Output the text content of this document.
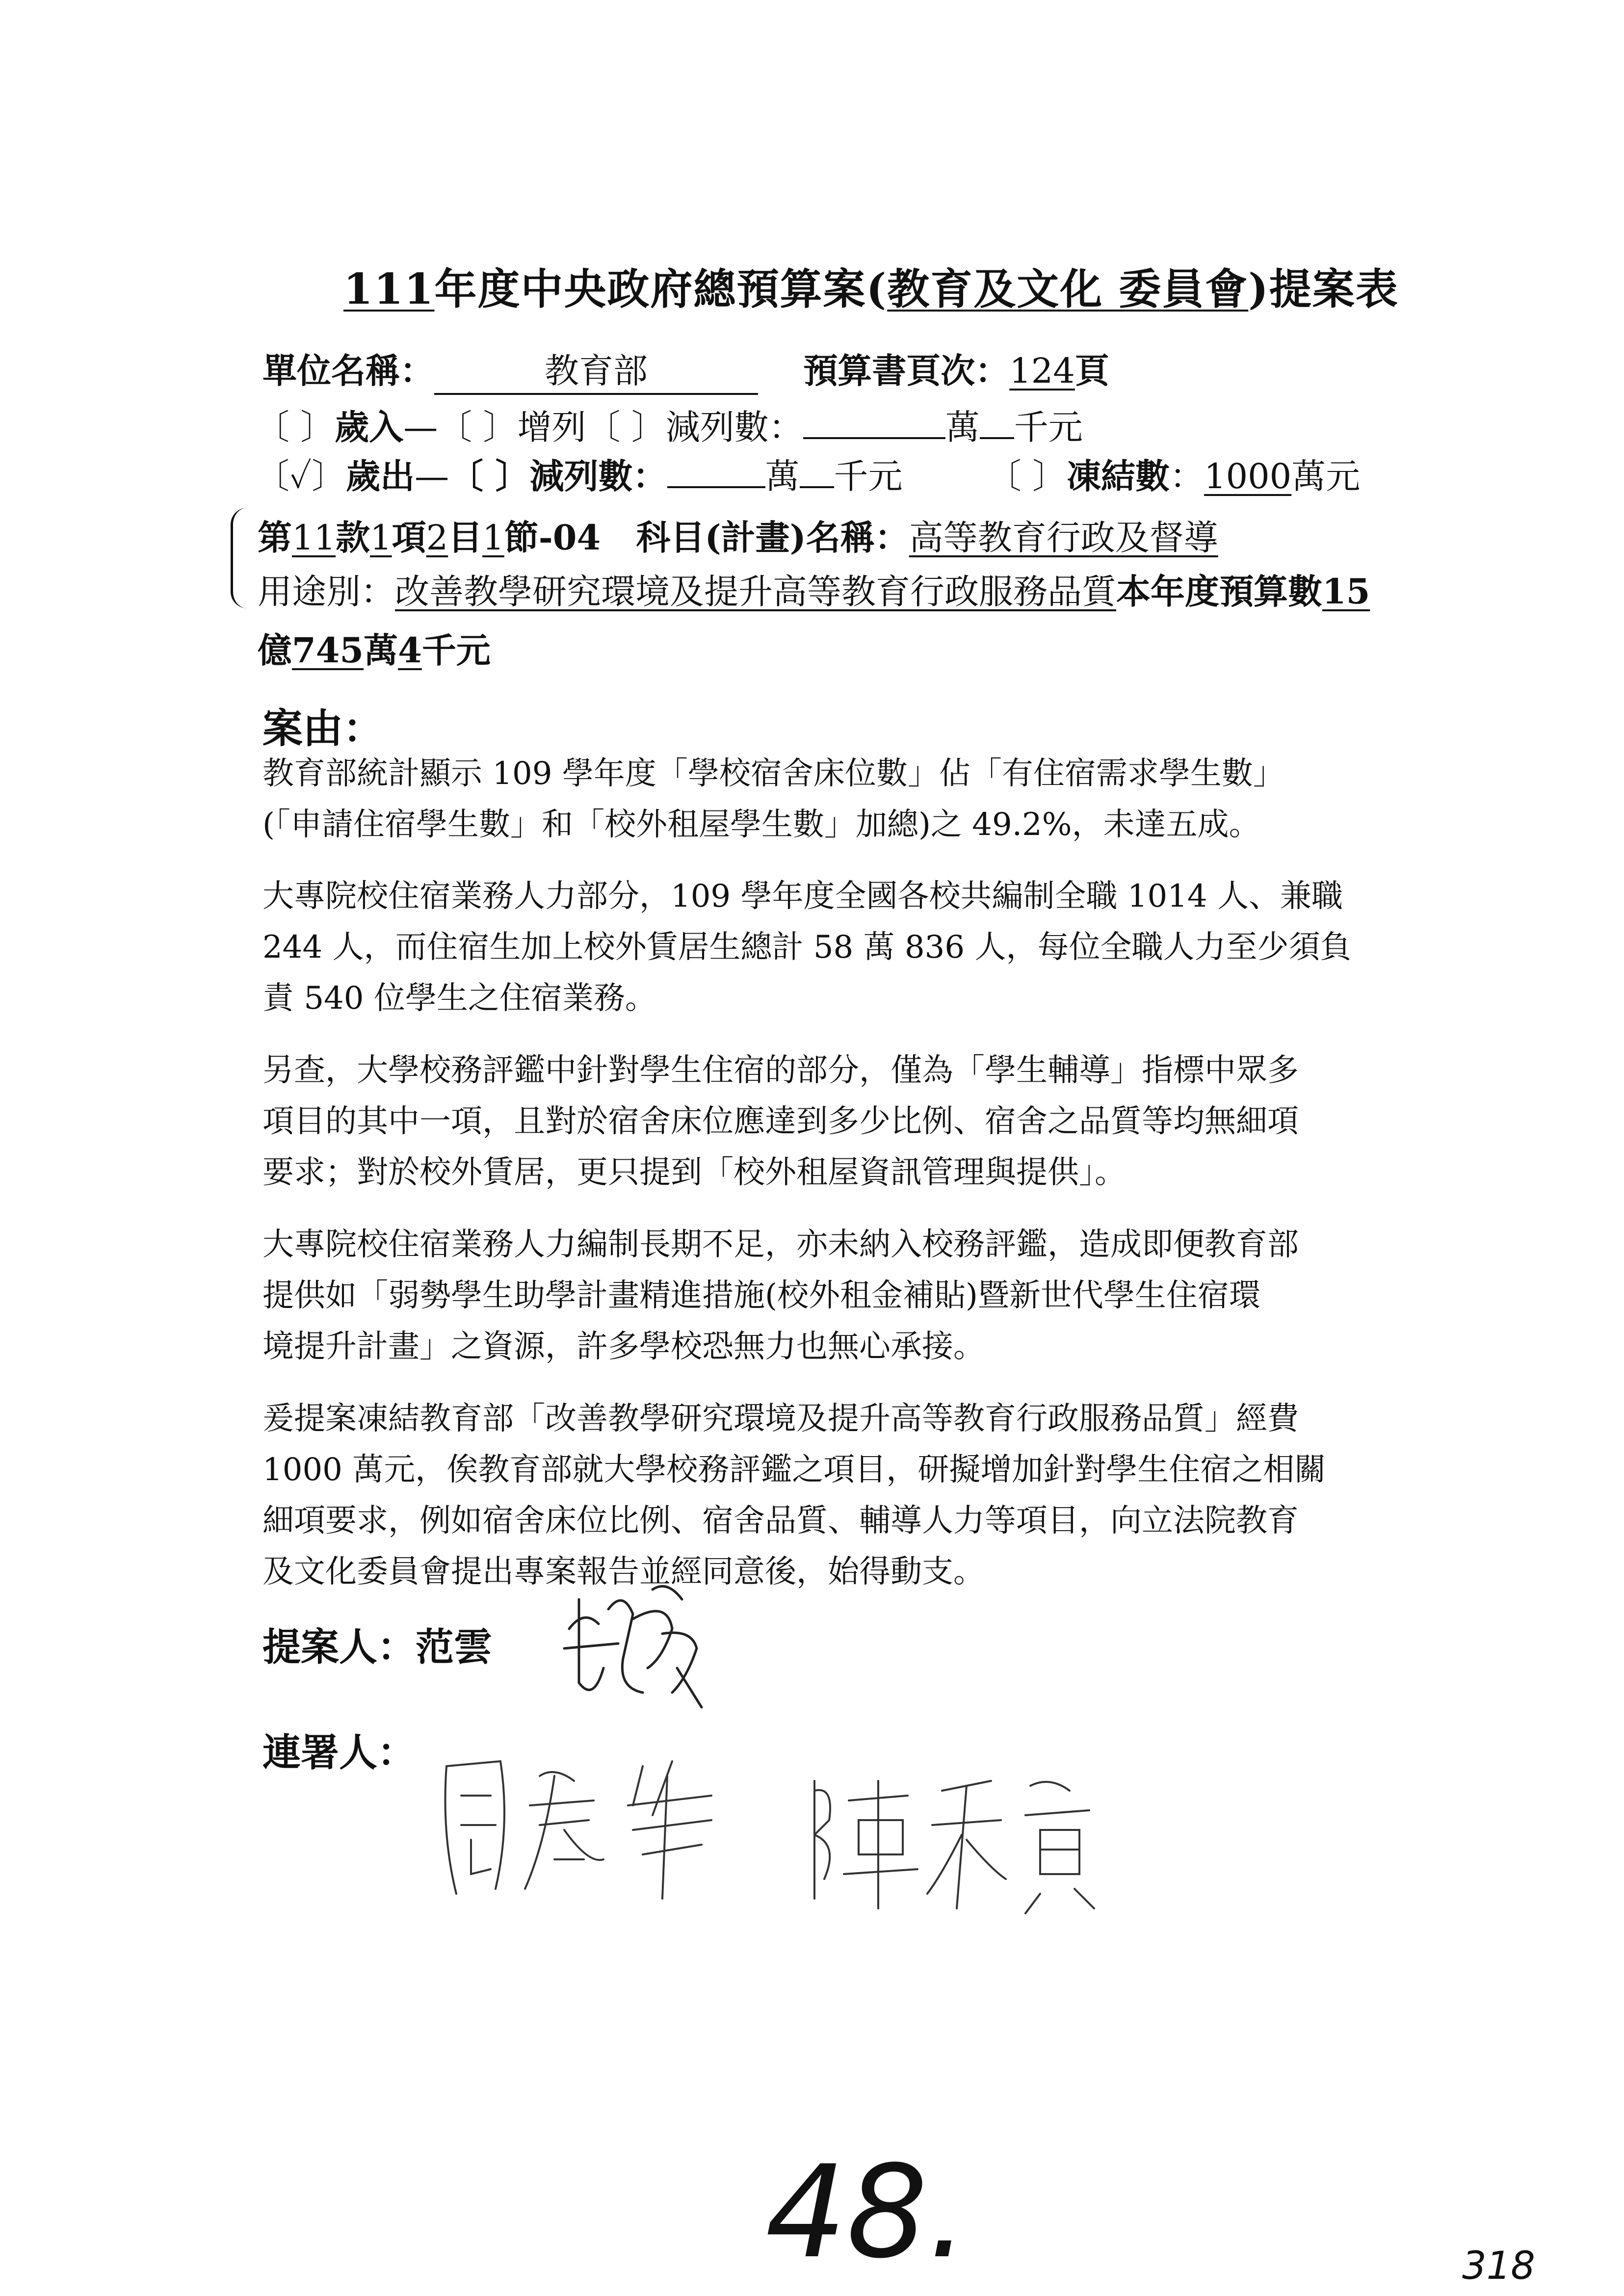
111年度中央政府總預算案(教育及文化 委員會)提案表
單位名稱：	教育部	預算書頁次：124頁
〔 〕歲入—〔 〕增列〔 〕減列數：	萬 千元
〔✓〕歲出—〔 〕減列數：	萬 千元 〔 〕凍結數：1000萬元
第11款1項2目1節-04 科目(計畫)名稱：高等教育行政及督導
用途別：改善教學研究環境及提升高等教育行政服務品質本年度預算數15
億745萬4千元
案由：

教育部統計顯示 109 學年度「學校宿舍床位數」佔「有住宿需求學生數」

(「申請住宿學生數」和「校外租屋學生數」加總)之 49.2%，未達五成。

大專院校住宿業務人力部分，109 學年度全國各校共編制全職 1014 人、兼職

244 人，而住宿生加上校外賃居生總計 58 萬 836 人，每位全職人力至少須負

責 540 位學生之住宿業務。

另查，大學校務評鑑中針對學生住宿的部分，僅為「學生輔導」指標中眾多

項目的其中一項，且對於宿舍床位應達到多少比例、宿舍之品質等均無細項

要求；對於校外賃居，更只提到「校外租屋資訊管理與提供」。

大專院校住宿業務人力編制長期不足，亦未納入校務評鑑，造成即便教育部

提供如「弱勢學生助學計畫精進措施(校外租金補貼)暨新世代學生住宿環

境提升計畫」之資源，許多學校恐無力也無心承接。

爰提案凍結教育部「改善教學研究環境及提升高等教育行政服務品質」經費

1000 萬元，俟教育部就大學校務評鑑之項目，研擬增加針對學生住宿之相關

細項要求，例如宿舍床位比例、宿舍品質、輔導人力等項目，向立法院教育

及文化委員會提出專案報告並經同意後，始得動支。

提案人：范雲
連署人：
48.	318
